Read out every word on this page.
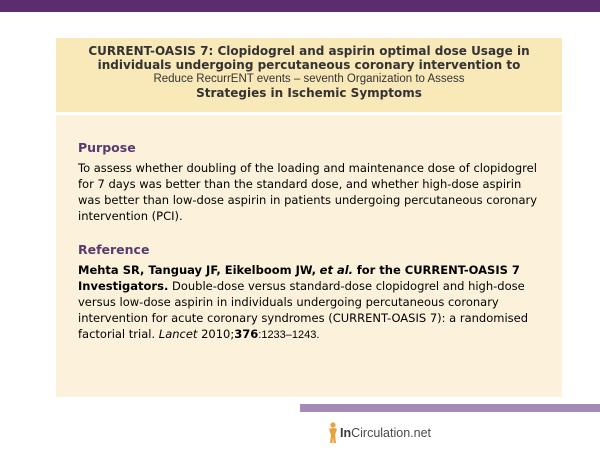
CURRENT-OASIS 7: Clopidogrel and aspirin optimal dose Usage in individuals undergoing percutaneous coronary intervention to
Reduce RecurrENT events – seventh Organization to Assess
Strategies in Ischemic Symptoms
Purpose

To assess whether doubling of the loading and maintenance dose of clopidogrel for 7 days was better than the standard dose, and whether high-dose aspirin was better than low-dose aspirin in patients undergoing percutaneous coronary intervention (PCI).

Reference

Mehta SR, Tanguay JF, Eikelboom JW, et al. for the CURRENT-OASIS 7 Investigators. Double-dose versus standard-dose clopidogrel and high-dose versus low-dose aspirin in individuals undergoing percutaneous coronary intervention for acute coronary syndromes (CURRENT-OASIS 7): a randomised factorial trial. Lancet 2010;376:1233–1243.

InCirculation.net
